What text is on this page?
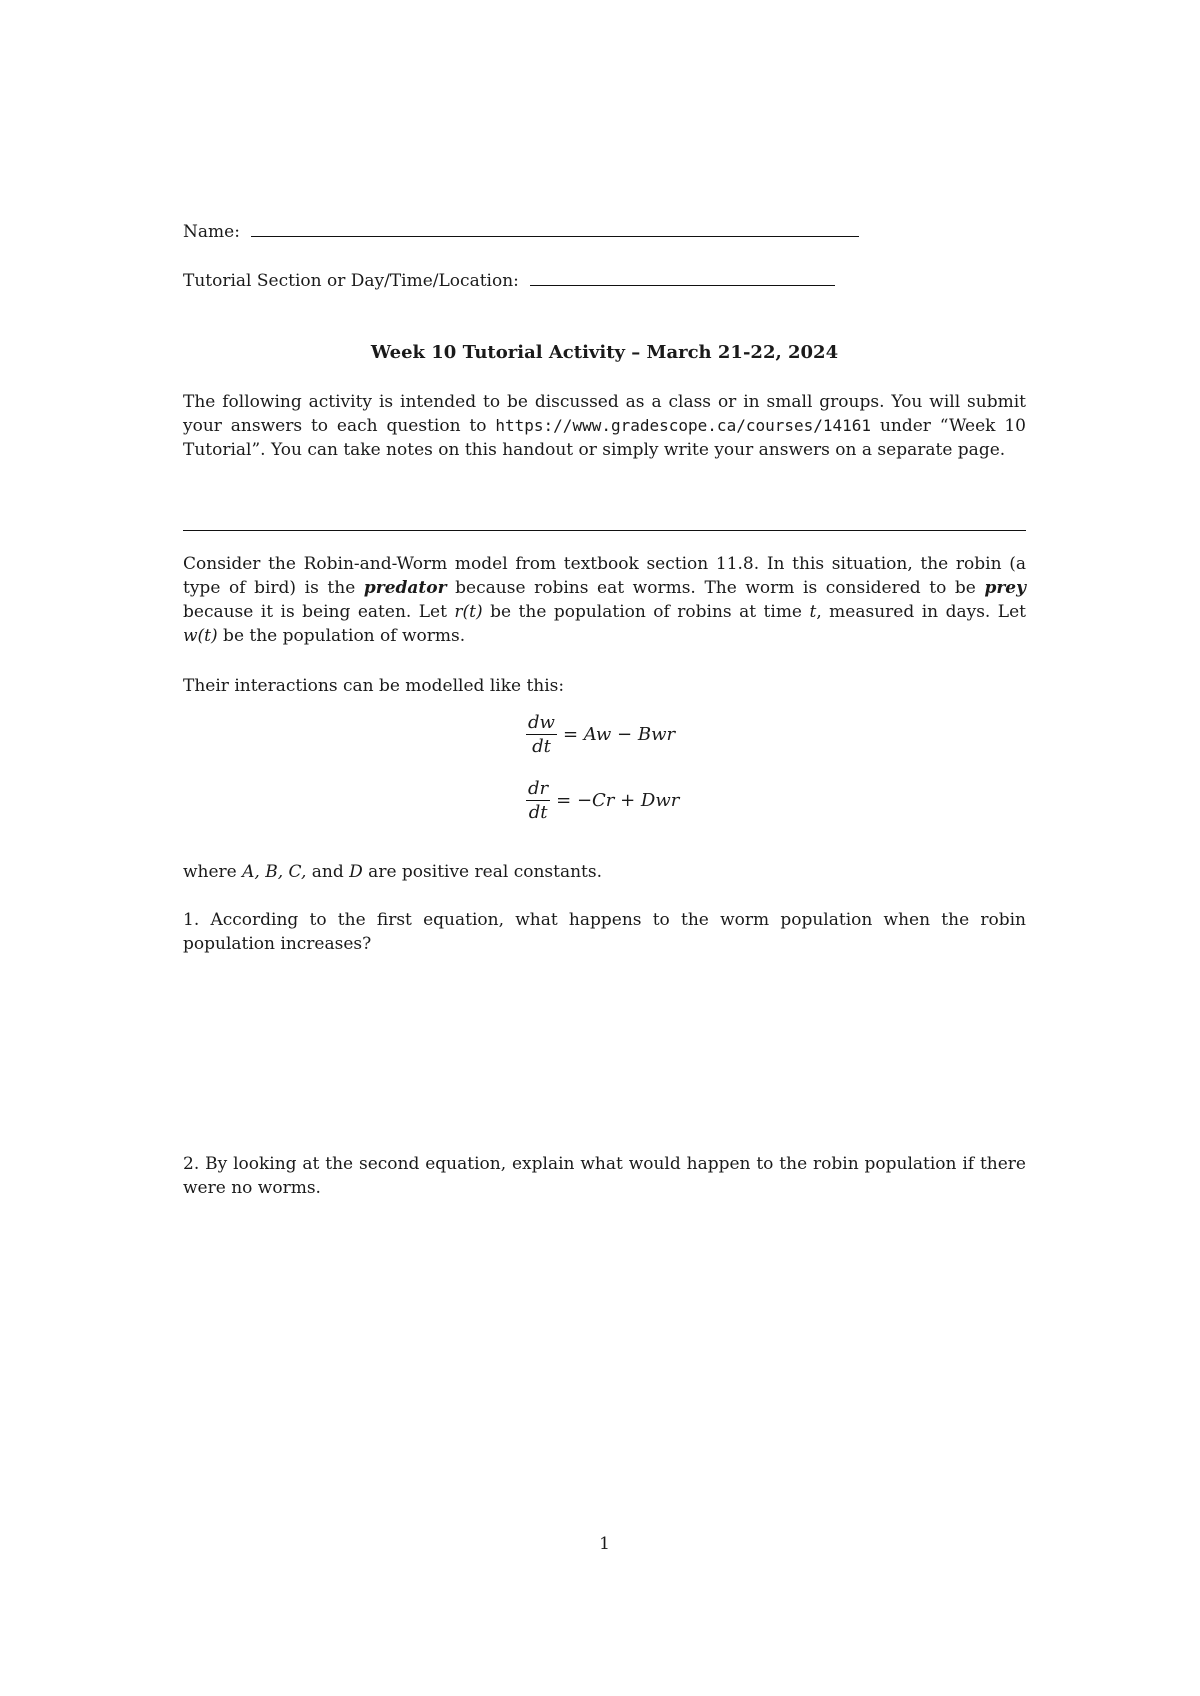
Name:
Tutorial Section or Day/Time/Location:
Week 10 Tutorial Activity – March 21-22, 2024
The following activity is intended to be discussed as a class or in small groups. You will submit your answers to each question to https://www.gradescope.ca/courses/14161 under “Week 10 Tutorial”. You can take notes on this handout or simply write your answers on a separate page.
Consider the Robin-and-Worm model from textbook section 11.8. In this situation, the robin (a type of bird) is the predator because robins eat worms. The worm is considered to be prey because it is being eaten. Let r(t) be the population of robins at time t, measured in days. Let w(t) be the population of worms.
Their interactions can be modelled like this:
$\frac{dw}{dt} = Aw$ − Bwr
$\frac{dr}{dt} = -Cr$ + Dwr
where A, B, C, and D are positive real constants.
1. According to the first equation, what happens to the worm population when the robin population increases?
2. By looking at the second equation, explain what would happen to the robin population if there were no worms.
1
